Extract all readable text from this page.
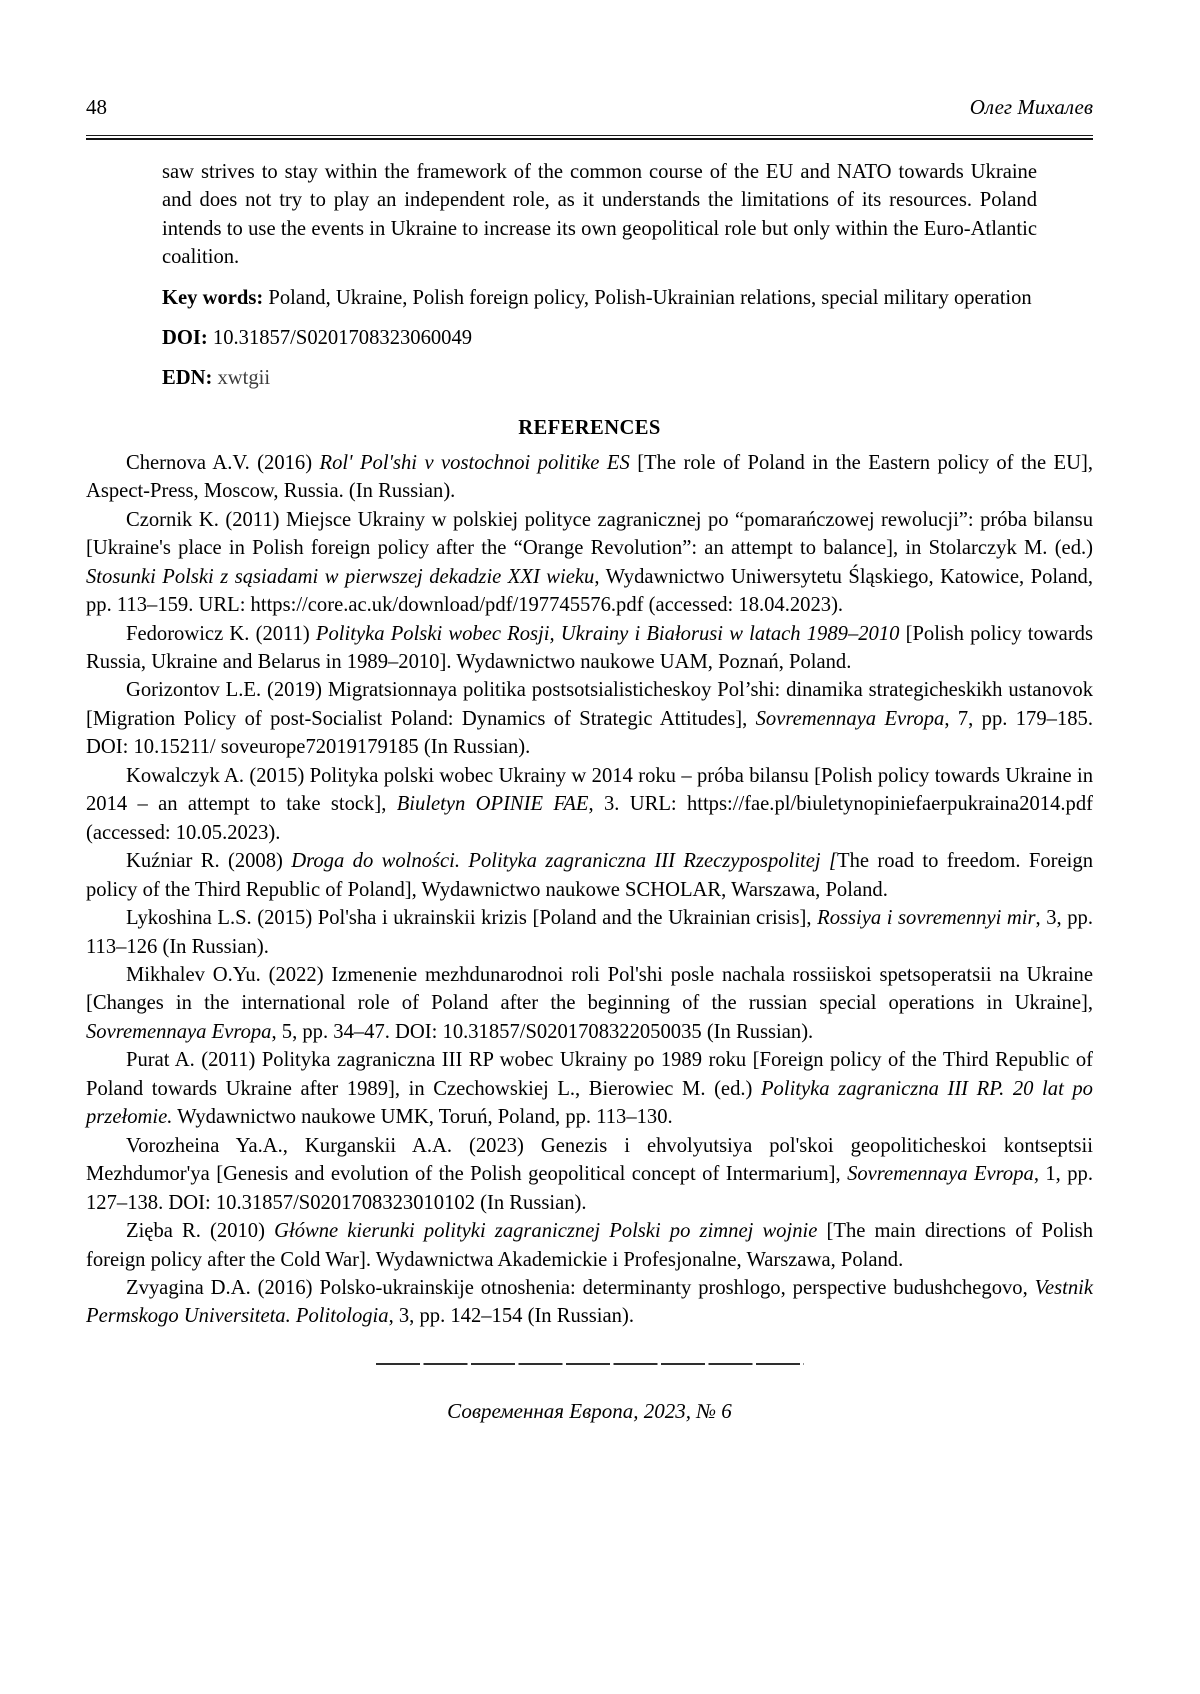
48	Олег Михалев

saw strives to stay within the framework of the common course of the EU and NATO towards Ukraine and does not try to play an independent role, as it understands the limitations of its resources. Poland intends to use the events in Ukraine to increase its own geopolitical role but only within the Euro-Atlantic coalition.

Key words: Poland, Ukraine, Polish foreign policy, Polish-Ukrainian relations, special military operation

DOI: 10.31857/S0201708323060049

EDN: xwtgii

REFERENCES

Chernova A.V. (2016) Rol' Pol'shi v vostochnoi politike ES [The role of Poland in the Eastern policy of the EU], Aspect-Press, Moscow, Russia. (In Russian).

Czornik K. (2011) Miejsce Ukrainy w polskiej polityce zagranicznej po “pomarańczowej rewolucji”: próba bilansu [Ukraine's place in Polish foreign policy after the “Orange Revolution”: an attempt to balance], in Stolarczyk M. (ed.) Stosunki Polski z sąsiadami w pierwszej dekadzie XXI wieku, Wydawnictwo Uniwersytetu Śląskiego, Katowice, Poland, pp. 113–159. URL: https://core.ac.uk/download/pdf/197745576.pdf (accessed: 18.04.2023).

Fedorowicz K. (2011) Polityka Polski wobec Rosji, Ukrainy i Białorusi w latach 1989–2010 [Polish policy towards Russia, Ukraine and Belarus in 1989–2010]. Wydawnictwo naukowe UAM, Poznań, Poland.

Gorizontov L.E. (2019) Migratsionnaya politika postsotsialisticheskoy Pol’shi: dinamika strategicheskikh ustanovok [Migration Policy of post-Socialist Poland: Dynamics of Strategic Attitudes], Sovremennaya Evropa, 7, pp. 179–185. DOI: 10.15211/ soveurope72019179185 (In Russian).

Kowalczyk A. (2015) Polityka polski wobec Ukrainy w 2014 roku – próba bilansu [Polish policy towards Ukraine in 2014 – an attempt to take stock], Biuletyn OPINIE FAE, 3. URL: https://fae.pl/biuletynopiniefaerpukraina2014.pdf (accessed: 10.05.2023).

Kuźniar R. (2008) Droga do wolności. Polityka zagraniczna III Rzeczypospolitej [The road to freedom. Foreign policy of the Third Republic of Poland], Wydawnictwo naukowe SCHOLAR, Warszawa, Poland.

Lykoshina L.S. (2015) Pol'sha i ukrainskii krizis [Poland and the Ukrainian crisis], Rossiya i sovremennyi mir, 3, pp. 113–126 (In Russian).

Mikhalev O.Yu. (2022) Izmenenie mezhdunarodnoi roli Pol'shi posle nachala rossiiskoi spetsoperatsii na Ukraine [Changes in the international role of Poland after the beginning of the russian special operations in Ukraine], Sovremennaya Evropa, 5, pp. 34–47. DOI: 10.31857/S0201708322050035 (In Russian).

Purat A. (2011) Polityka zagraniczna III RP wobec Ukrainy po 1989 roku [Foreign policy of the Third Republic of Poland towards Ukraine after 1989], in Czechowskiej L., Bierowiec M. (ed.) Polityka zagraniczna III RP. 20 lat po przełomie. Wydawnictwo naukowe UMK, Toruń, Poland, pp. 113–130.

Vorozheina Ya.A., Kurganskii A.A. (2023) Genezis i ehvolyutsiya pol'skoi geopoliticheskoi kontseptsii Mezhdumor'ya [Genesis and evolution of the Polish geopolitical concept of Intermarium], Sovremennaya Evropa, 1, pp. 127–138. DOI: 10.31857/S0201708323010102 (In Russian).

Zięba R. (2010) Główne kierunki polityki zagranicznej Polski po zimnej wojnie [The main directions of Polish foreign policy after the Cold War]. Wydawnictwa Akademickie i Profesjonalne, Warszawa, Poland.

Zvyagina D.A. (2016) Polsko-ukrainskije otnoshenia: determinanty proshlogo, perspective budushchegovo, Vestnik Permskogo Universiteta. Politologia, 3, pp. 142–154 (In Russian).

Современная Европа, 2023, № 6
